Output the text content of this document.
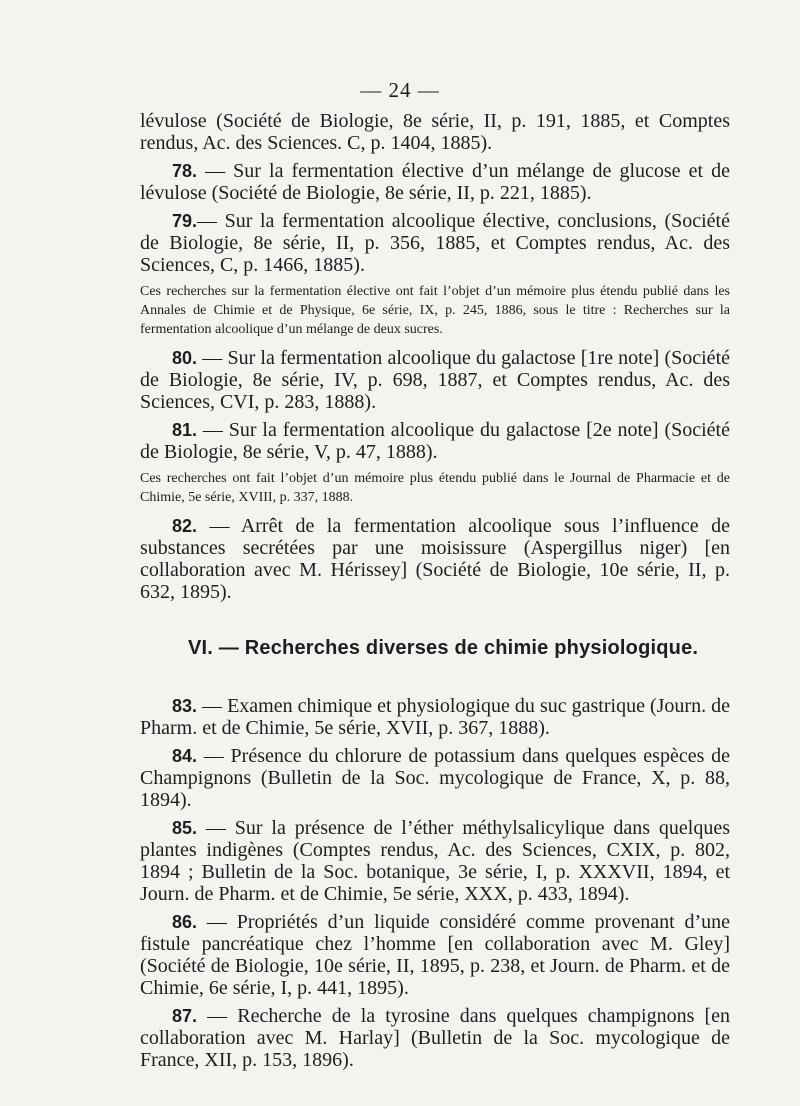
— 24 —

lévulose (Société de Biologie, 8e série, II, p. 191, 1885, et Comptes rendus, Ac. des Sciences. C, p. 1404, 1885).

78. — Sur la fermentation élective d’un mélange de glucose et de lévulose (Société de Biologie, 8e série, II, p. 221, 1885).

79.— Sur la fermentation alcoolique élective, conclusions, (Société de Biologie, 8e série, II, p. 356, 1885, et Comptes rendus, Ac. des Sciences, C, p. 1466, 1885).

Ces recherches sur la fermentation élective ont fait l’objet d’un mémoire plus étendu publié dans les Annales de Chimie et de Physique, 6e série, IX, p. 245, 1886, sous le titre : Recherches sur la fermentation alcoolique d’un mélange de deux sucres.

80. — Sur la fermentation alcoolique du galactose [1re note] (Société de Biologie, 8e série, IV, p. 698, 1887, et Comptes rendus, Ac. des Sciences, CVI, p. 283, 1888).

81. — Sur la fermentation alcoolique du galactose [2e note] (Société de Biologie, 8e série, V, p. 47, 1888).

Ces recherches ont fait l’objet d’un mémoire plus étendu publié dans le Journal de Pharmacie et de Chimie, 5e série, XVIII, p. 337, 1888.

82. — Arrêt de la fermentation alcoolique sous l’influence de substances secrétées par une moisissure (Aspergillus niger) [en collaboration avec M. Hérissey] (Société de Biologie, 10e série, II, p. 632, 1895).

VI. — Recherches diverses de chimie physiologique.

83. — Examen chimique et physiologique du suc gastrique (Journ. de Pharm. et de Chimie, 5e série, XVII, p. 367, 1888).

84. — Présence du chlorure de potassium dans quelques espèces de Champignons (Bulletin de la Soc. mycologique de France, X, p. 88, 1894).

85. — Sur la présence de l’éther méthylsalicylique dans quelques plantes indigènes (Comptes rendus, Ac. des Sciences, CXIX, p. 802, 1894 ; Bulletin de la Soc. botanique, 3e série, I, p. XXXVII, 1894, et Journ. de Pharm. et de Chimie, 5e série, XXX, p. 433, 1894).

86. — Propriétés d’un liquide considéré comme provenant d’une fistule pancréatique chez l’homme [en collaboration avec M. Gley] (Société de Biologie, 10e série, II, 1895, p. 238, et Journ. de Pharm. et de Chimie, 6e série, I, p. 441, 1895).

87. — Recherche de la tyrosine dans quelques champignons [en collaboration avec M. Harlay] (Bulletin de la Soc. mycologique de France, XII, p. 153, 1896).
